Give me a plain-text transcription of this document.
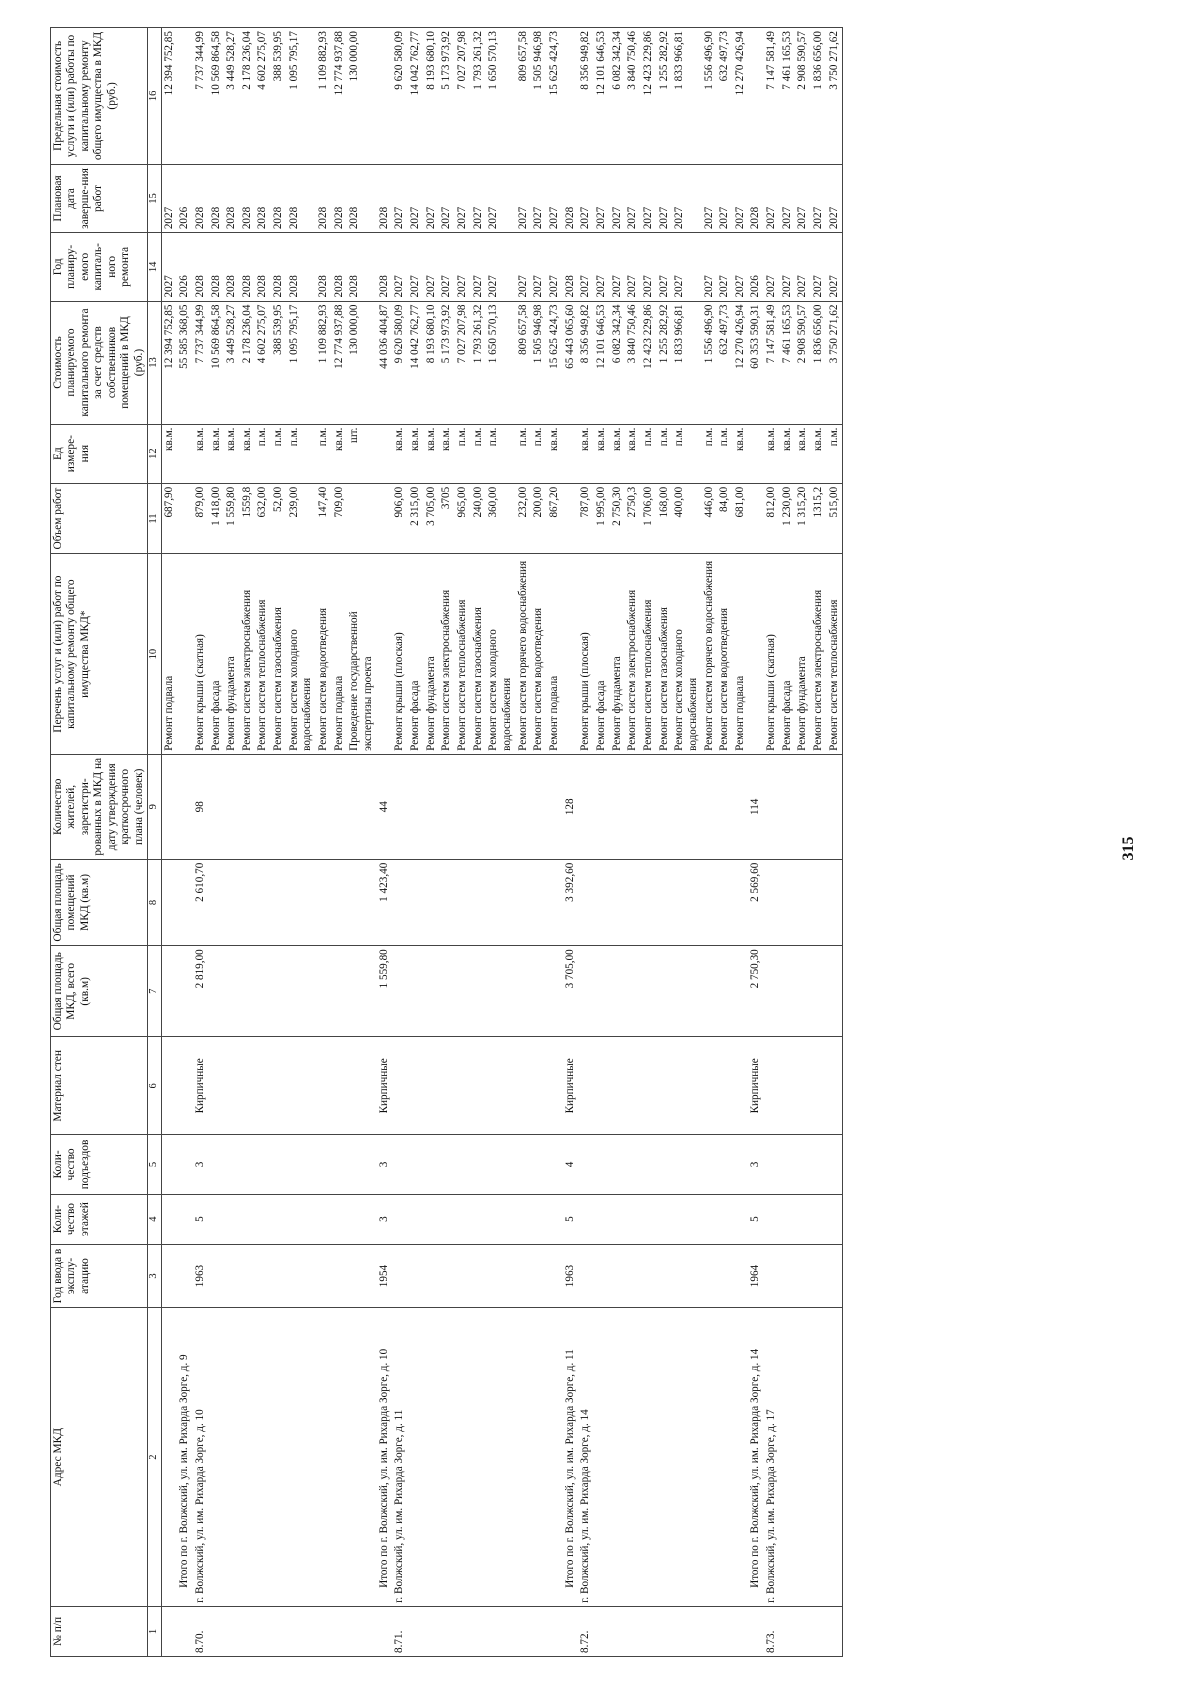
315
№ п/п	Адрес МКД	Год ввода в эксплу-атацию	Коли-чество этажей	Коли-чество подъездов	Материал стен	Общая площадь МКД, всего (кв.м)	Общая площадь помещений МКД (кв.м)	Количество жителей, зарегистри-рованных в МКД на дату утверждения краткосрочного плана (человек)	Перечень услуг и (или) работ по капитальному ремонту общего имущества МКД*	Объем работ	Ед измере-ния	Стоимость планируемого капитального ремонта за счет средств собственников помещений в МКД (руб.)	Год планиру-емого капиталь-ного ремонта	Плановая дата заверше-ния работ	Предельная стоимость услуги и (или) работы по капитальному ремонту общего имущества в МКД (руб.)
1	2	3	4	5	6	7	8	9	10	11	12	13	14	15	16
									Ремонт подвала	687,90	кв.м.	12 394 752,85	2027	2027	12 394 752,85
	Итого по г. Волжский, ул. им. Рихарда Зорге, д. 9											55 585 368,05	2026	2026	
8.70.	г. Волжский, ул. им. Рихарда Зорге, д. 10	1963	5	3	Кирпичные	2 819,00	2 610,70	98	Ремонт крыши (скатная)	879,00	кв.м.	7 737 344,99	2028	2028	7 737 344,99
									Ремонт фасада	1 418,00	кв.м.	10 569 864,58	2028	2028	10 569 864,58
									Ремонт фундамента	1 559,80	кв.м.	3 449 528,27	2028	2028	3 449 528,27
									Ремонт систем электроснабжения	1559,8	кв.м.	2 178 236,04	2028	2028	2 178 236,04
									Ремонт систем теплоснабжения	632,00	п.м.	4 602 275,07	2028	2028	4 602 275,07
									Ремонт систем газоснабжения	52,00	п.м.	388 539,95	2028	2028	388 539,95
									Ремонт систем холодного водоснабжения	239,00	п.м.	1 095 795,17	2028	2028	1 095 795,17
									Ремонт систем водоотведения	147,40	п.м.	1 109 882,93	2028	2028	1 109 882,93
									Ремонт подвала	709,00	кв.м.	12 774 937,88	2028	2028	12 774 937,88
									Проведение государственной экспертизы проекта		шт.	130 000,00	2028	2028	130 000,00
	Итого по г. Волжский, ул. им. Рихарда Зорге, д. 10	1954	3	3	Кирпичные	1 559,80	1 423,40	44				44 036 404,87	2028	2028	
8.71.	г. Волжский, ул. им. Рихарда Зорге, д. 11								Ремонт крыши (плоская)	906,00	кв.м.	9 620 580,09	2027	2027	9 620 580,09
									Ремонт фасада	2 315,00	кв.м.	14 042 762,77	2027	2027	14 042 762,77
									Ремонт фундамента	3 705,00	кв.м.	8 193 680,10	2027	2027	8 193 680,10
									Ремонт систем электроснабжения	3705	кв.м.	5 173 973,92	2027	2027	5 173 973,92
									Ремонт систем теплоснабжения	965,00	п.м.	7 027 207,98	2027	2027	7 027 207,98
									Ремонт систем газоснабжения	240,00	п.м.	1 793 261,32	2027	2027	1 793 261,32
									Ремонт систем холодного водоснабжения	360,00	п.м.	1 650 570,13	2027	2027	1 650 570,13
									Ремонт систем горячего водоснабжения	232,00	п.м.	809 657,58	2027	2027	809 657,58
									Ремонт систем водоотведения	200,00	п.м.	1 505 946,98	2027	2027	1 505 946,98
									Ремонт подвала	867,20	кв.м.	15 625 424,73	2027	2027	15 625 424,73
	Итого по г. Волжский, ул. им. Рихарда Зорге, д. 11	1963	5	4	Кирпичные	3 705,00	3 392,60	128				65 443 065,60	2028	2028	
8.72.	г. Волжский, ул. им. Рихарда Зорге, д. 14								Ремонт крыши (плоская)	787,00	кв.м.	8 356 949,82	2027	2027	8 356 949,82
									Ремонт фасада	1 995,00	кв.м.	12 101 646,53	2027	2027	12 101 646,53
									Ремонт фундамента	2 750,30	кв.м.	6 082 342,34	2027	2027	6 082 342,34
									Ремонт систем электроснабжения	2750,3	кв.м.	3 840 750,46	2027	2027	3 840 750,46
									Ремонт систем теплоснабжения	1 706,00	п.м.	12 423 229,86	2027	2027	12 423 229,86
									Ремонт систем газоснабжения	168,00	п.м.	1 255 282,92	2027	2027	1 255 282,92
									Ремонт систем холодного водоснабжения	400,00	п.м.	1 833 966,81	2027	2027	1 833 966,81
									Ремонт систем горячего водоснабжения	446,00	п.м.	1 556 496,90	2027	2027	1 556 496,90
									Ремонт систем водоотведения	84,00	п.м.	632 497,73	2027	2027	632 497,73
									Ремонт подвала	681,00	кв.м.	12 270 426,94	2027	2027	12 270 426,94
	Итого по г. Волжский, ул. им. Рихарда Зорге, д. 14	1964	5	3	Кирпичные	2 750,30	2 569,60	114				60 353 590,31	2026	2028	
8.73.	г. Волжский, ул. им. Рихарда Зорге, д. 17								Ремонт крыши (скатная)	812,00	кв.м.	7 147 581,49	2027	2027	7 147 581,49
									Ремонт фасада	1 230,00	кв.м.	7 461 165,53	2027	2027	7 461 165,53
									Ремонт фундамента	1 315,20	кв.м.	2 908 590,57	2027	2027	2 908 590,57
									Ремонт систем электроснабжения	1315,2	кв.м.	1 836 656,00	2027	2027	1 836 656,00
									Ремонт систем теплоснабжения	515,00	п.м.	3 750 271,62	2027	2027	3 750 271,62
